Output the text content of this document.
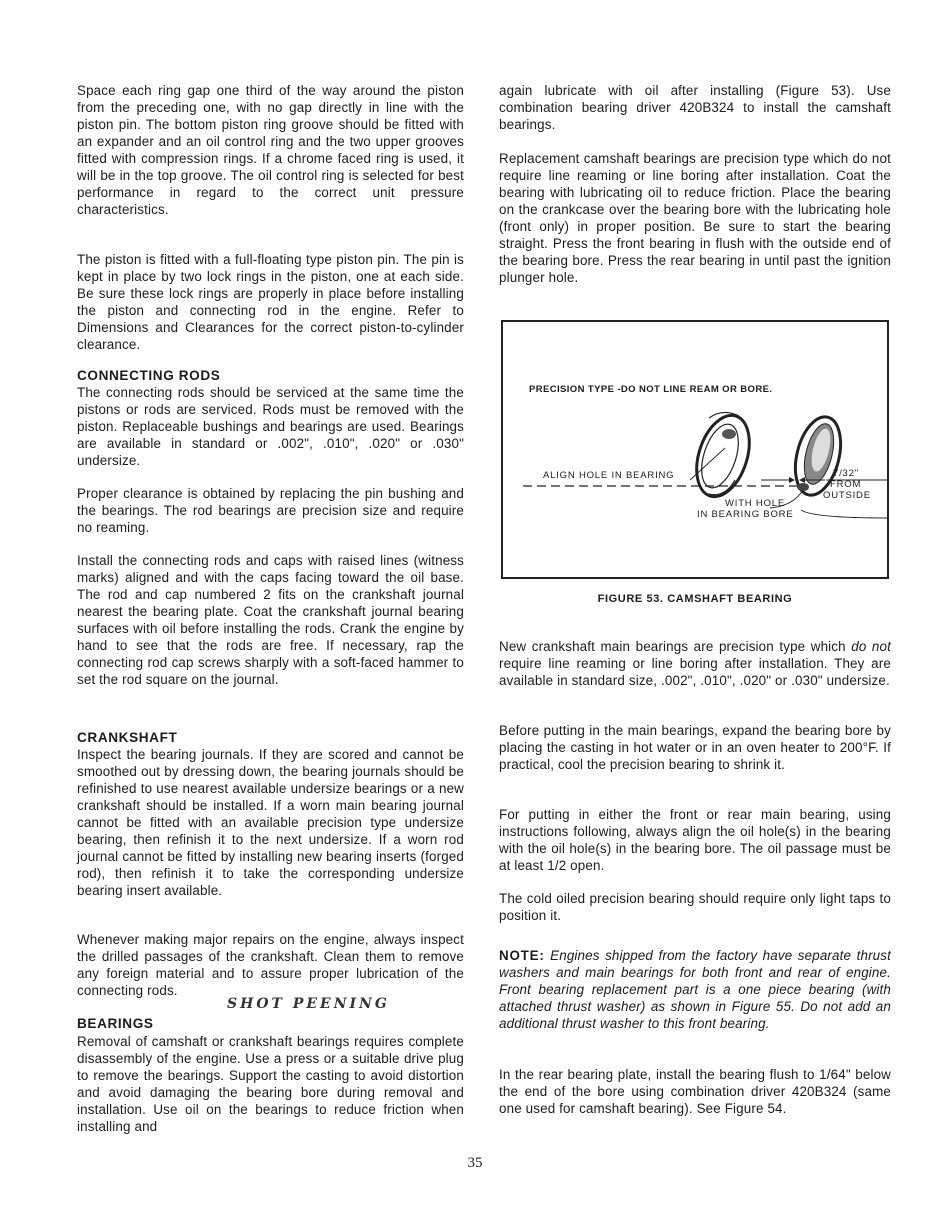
Space each ring gap one third of the way around the piston from the preceding one, with no gap directly in line with the piston pin. The bottom piston ring groove should be fitted with an expander and an oil control ring and the two upper grooves fitted with compression rings. If a chrome faced ring is used, it will be in the top groove. The oil control ring is selected for best performance in regard to the correct unit pressure characteristics.

The piston is fitted with a full-floating type piston pin. The pin is kept in place by two lock rings in the piston, one at each side. Be sure these lock rings are properly in place before installing the piston and connecting rod in the engine. Refer to Dimensions and Clearances for the correct piston-to-cylinder clearance.

CONNECTING RODS

The connecting rods should be serviced at the same time the pistons or rods are serviced. Rods must be removed with the piston. Replaceable bushings and bearings are used. Bearings are available in standard or .002", .010", .020" or .030" undersize.

Proper clearance is obtained by replacing the pin bushing and the bearings. The rod bearings are precision size and require no reaming.

Install the connecting rods and caps with raised lines (witness marks) aligned and with the caps facing toward the oil base. The rod and cap numbered 2 fits on the crankshaft journal nearest the bearing plate. Coat the crankshaft journal bearing surfaces with oil before installing the rods. Crank the engine by hand to see that the rods are free. If necessary, rap the connecting rod cap screws sharply with a soft-faced hammer to set the rod square on the journal.

CRANKSHAFT

Inspect the bearing journals. If they are scored and cannot be smoothed out by dressing down, the bearing journals should be refinished to use nearest available undersize bearings or a new crankshaft should be installed. If a worn main bearing journal cannot be fitted with an available precision type undersize bearing, then refinish it to the next undersize. If a worn rod journal cannot be fitted by installing new bearing inserts (forged rod), then refinish it to take the corresponding undersize bearing insert available.

Whenever making major repairs on the engine, always inspect the drilled passages of the crankshaft. Clean them to remove any foreign material and to assure proper lubrication of the connecting rods.

BEARINGS

Removal of camshaft or crankshaft bearings requires complete disassembly of the engine. Use a press or a suitable drive plug to remove the bearings. Support the casting to avoid distortion and avoid damaging the bearing bore during removal and installation. Use oil on the bearings to reduce friction when installing and

SHOT PEENING

again lubricate with oil after installing (Figure 53). Use combination bearing driver 420B324 to install the camshaft bearings.

Replacement camshaft bearings are precision type which do not require line reaming or line boring after installation. Coat the bearing with lubricating oil to reduce friction. Place the bearing on the crankcase over the bearing bore with the lubricating hole (front only) in proper position. Be sure to start the bearing straight. Press the front bearing in flush with the outside end of the bearing bore. Press the rear bearing in until past the ignition plunger hole.

New crankshaft main bearings are precision type which do not require line reaming or line boring after installation. They are available in standard size, .002", .010", .020" or .030" undersize.

Before putting in the main bearings, expand the bearing bore by placing the casting in hot water or in an oven heater to 200°F. If practical, cool the precision bearing to shrink it.

For putting in either the front or rear main bearing, using instructions following, always align the oil hole(s) in the bearing with the oil hole(s) in the bearing bore. The oil passage must be at least 1/2 open.

The cold oiled precision bearing should require only light taps to position it.

NOTE: Engines shipped from the factory have separate thrust washers and main bearings for both front and rear of engine. Front bearing replacement part is a one piece bearing (with attached thrust washer) as shown in Figure 55. Do not add an additional thrust washer to this front bearing.

In the rear bearing plate, install the bearing flush to 1/64" below the end of the bore using combination driver 420B324 (same one used for camshaft bearing). See Figure 54.

PRECISION TYPE -DO NOT LINE REAM OR BORE.
ALIGN HOLE IN BEARING	7/32"
FROM
OUTSIDE
WITH HOLE
IN BEARING BORE
FIGURE 53. CAMSHAFT BEARING
35
